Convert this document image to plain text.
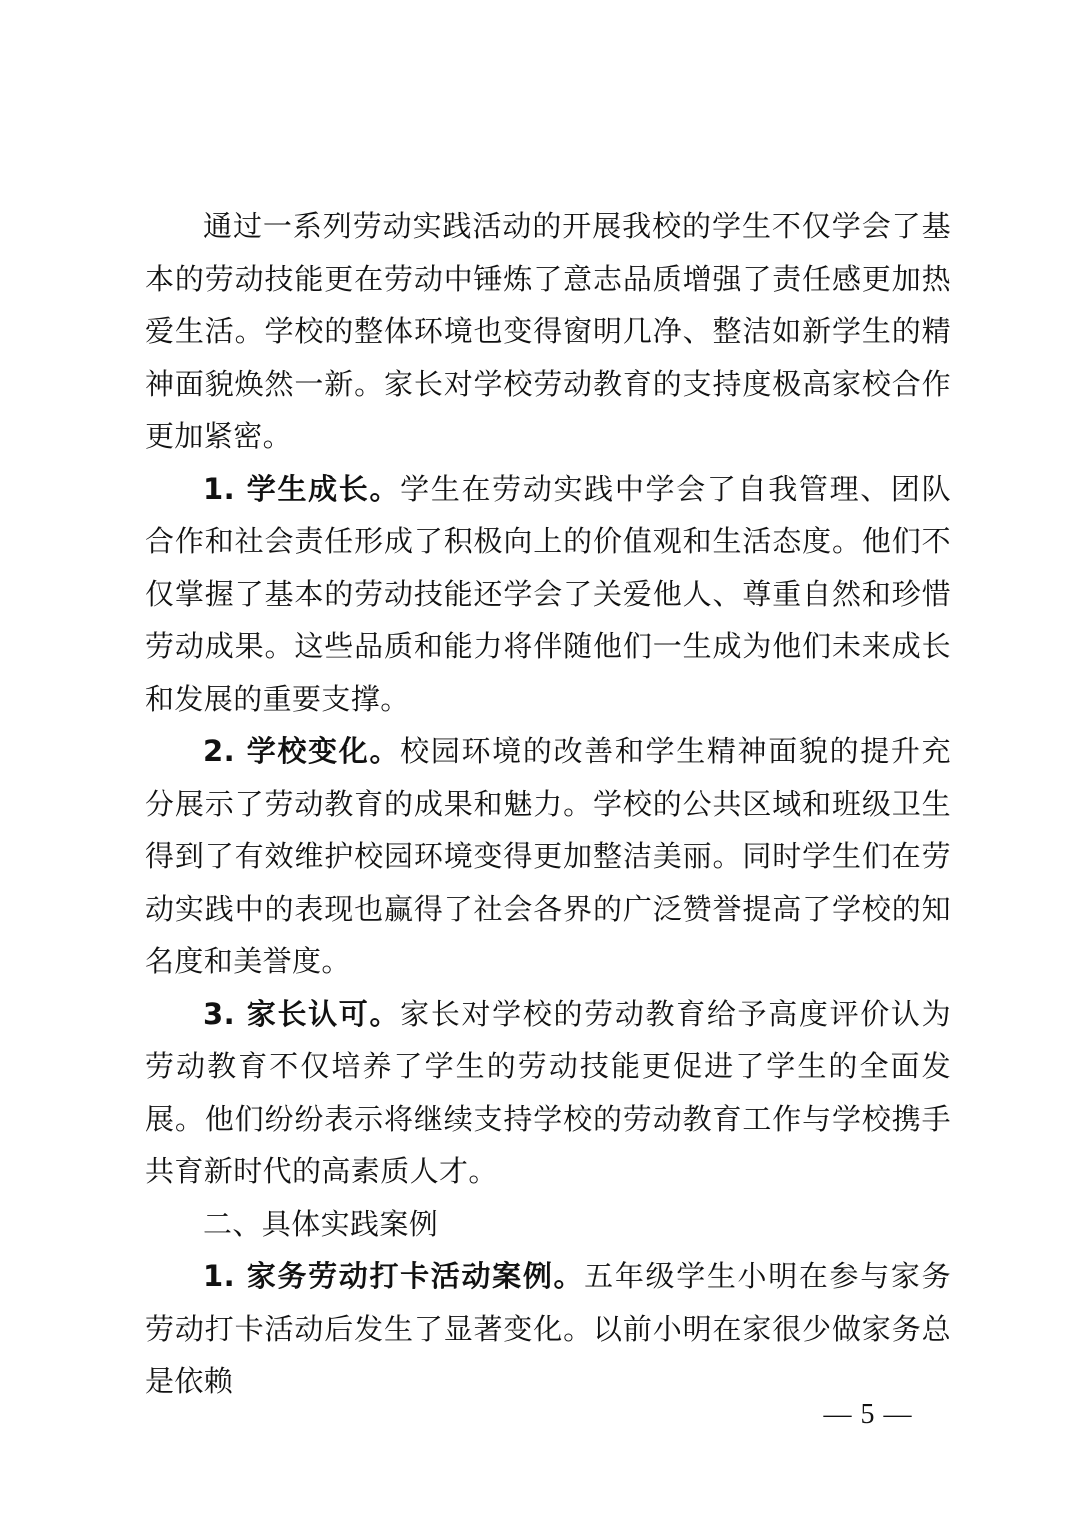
通过一系列劳动实践活动的开展我校的学生不仅学会了基本的劳动技能更在劳动中锤炼了意志品质增强了责任感更加热爱生活。学校的整体环境也变得窗明几净、整洁如新学生的精神面貌焕然一新。家长对学校劳动教育的支持度极高家校合作更加紧密。

1. 学生成长。学生在劳动实践中学会了自我管理、团队合作和社会责任形成了积极向上的价值观和生活态度。他们不仅掌握了基本的劳动技能还学会了关爱他人、尊重自然和珍惜劳动成果。这些品质和能力将伴随他们一生成为他们未来成长和发展的重要支撑。

2. 学校变化。校园环境的改善和学生精神面貌的提升充分展示了劳动教育的成果和魅力。学校的公共区域和班级卫生得到了有效维护校园环境变得更加整洁美丽。同时学生们在劳动实践中的表现也赢得了社会各界的广泛赞誉提高了学校的知名度和美誉度。

3. 家长认可。家长对学校的劳动教育给予高度评价认为劳动教育不仅培养了学生的劳动技能更促进了学生的全面发展。他们纷纷表示将继续支持学校的劳动教育工作与学校携手共育新时代的高素质人才。

二、具体实践案例

1. 家务劳动打卡活动案例。五年级学生小明在参与家务劳动打卡活动后发生了显著变化。以前小明在家很少做家务总是依赖

— 5 —
